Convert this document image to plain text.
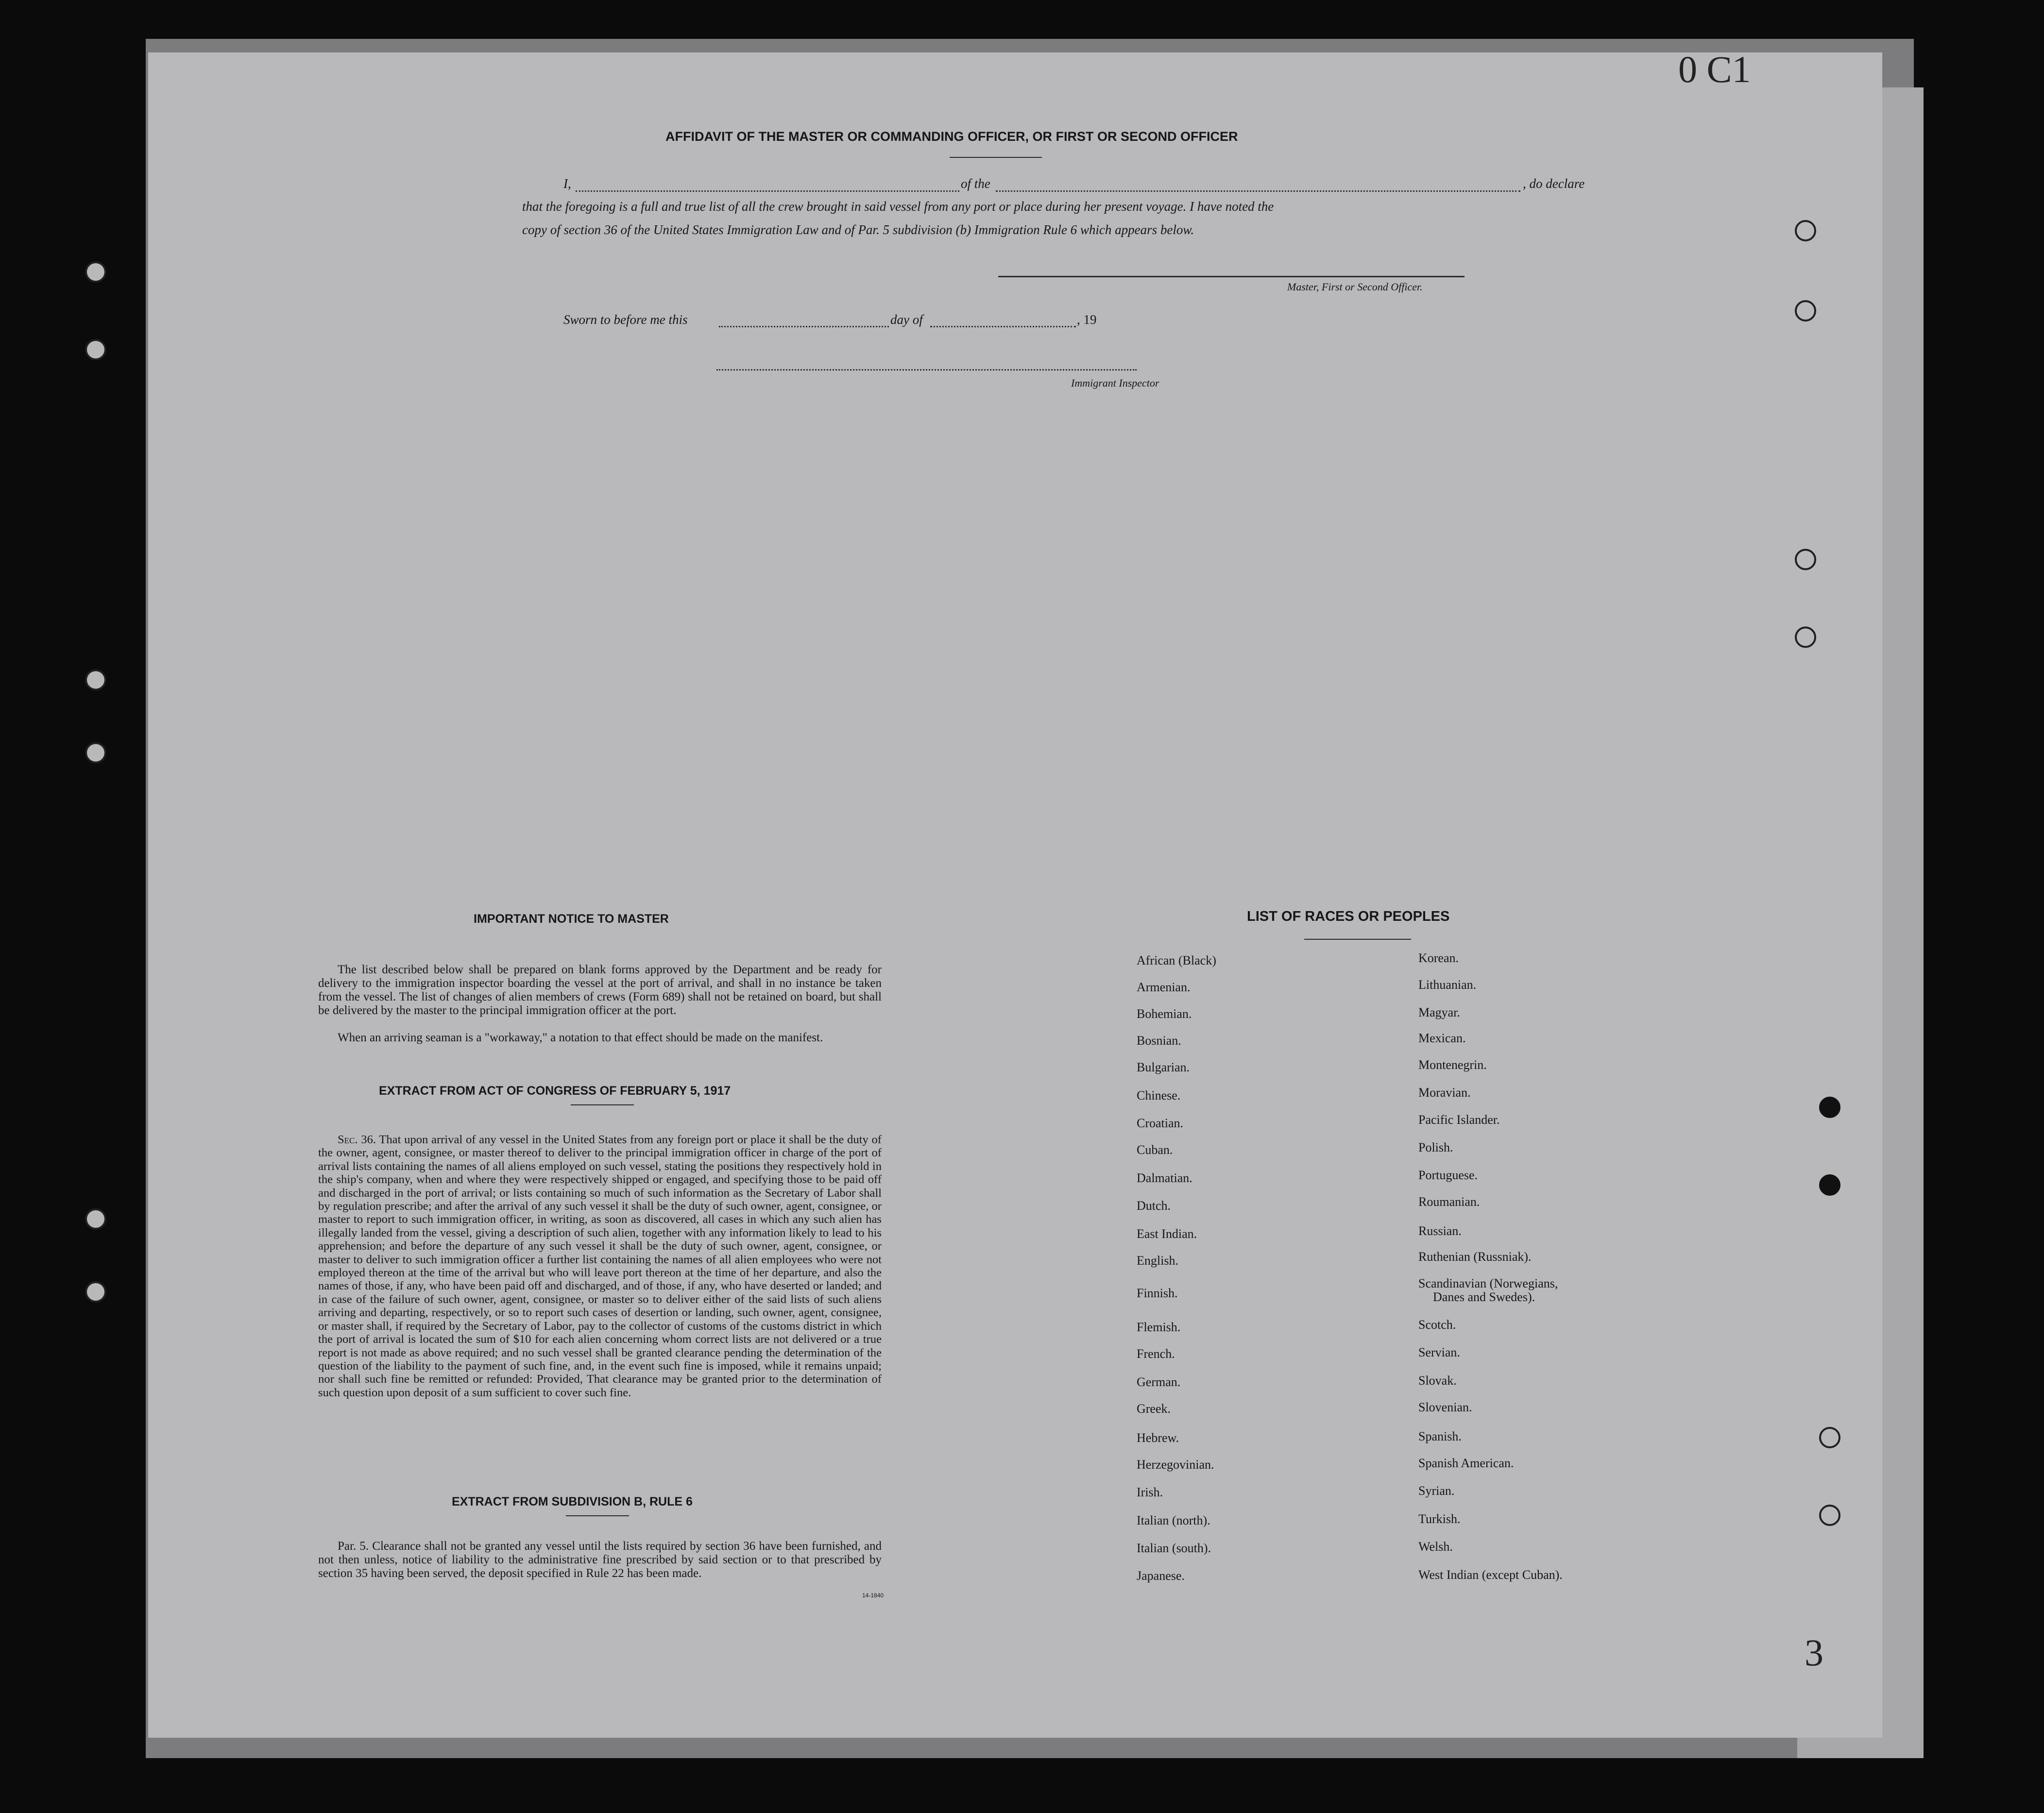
0 C1
3
AFFIDAVIT OF THE MASTER OR COMMANDING OFFICER, OR FIRST OR SECOND OFFICER
I,	of the	, do declare
that the foregoing is a full and true list of all the crew brought in said vessel from any port or place during her present voyage. I have noted the
copy of section 36 of the United States Immigration Law and of Par. 5 subdivision (b) Immigration Rule 6 which appears below.
Master, First or Second Officer.
Sworn to before me this	day of	, 19
Immigrant Inspector
IMPORTANT NOTICE TO MASTER
The list described below shall be prepared on blank forms approved by the Department and be ready for delivery to the immigration inspector boarding the vessel at the port of arrival, and shall in no instance be taken from the vessel. The list of changes of alien members of crews (Form 689) shall not be retained on board, but shall be delivered by the master to the principal immigration officer at the port.
When an arriving seaman is a "workaway," a notation to that effect should be made on the manifest.
EXTRACT FROM ACT OF CONGRESS OF FEBRUARY 5, 1917
Sec. 36. That upon arrival of any vessel in the United States from any foreign port or place it shall be the duty of the owner, agent, consignee, or master thereof to deliver to the principal immigration officer in charge of the port of arrival lists containing the names of all aliens employed on such vessel, stating the positions they respectively hold in the ship's company, when and where they were respectively shipped or engaged, and specifying those to be paid off and discharged in the port of arrival; or lists containing so much of such information as the Secretary of Labor shall by regulation prescribe; and after the arrival of any such vessel it shall be the duty of such owner, agent, consignee, or master to report to such immigration officer, in writing, as soon as discovered, all cases in which any such alien has illegally landed from the vessel, giving a description of such alien, together with any information likely to lead to his apprehension; and before the departure of any such vessel it shall be the duty of such owner, agent, consignee, or master to deliver to such immigration officer a further list containing the names of all alien employees who were not employed thereon at the time of the arrival but who will leave port thereon at the time of her departure, and also the names of those, if any, who have been paid off and discharged, and of those, if any, who have deserted or landed; and in case of the failure of such owner, agent, consignee, or master so to deliver either of the said lists of such aliens arriving and departing, respectively, or so to report such cases of desertion or landing, such owner, agent, consignee, or master shall, if required by the Secretary of Labor, pay to the collector of customs of the customs district in which the port of arrival is located the sum of $10 for each alien concerning whom correct lists are not delivered or a true report is not made as above required; and no such vessel shall be granted clearance pending the determination of the question of the liability to the payment of such fine, and, in the event such fine is imposed, while it remains unpaid; nor shall such fine be remitted or refunded: Provided, That clearance may be granted prior to the determination of such question upon deposit of a sum sufficient to cover such fine.
EXTRACT FROM SUBDIVISION B, RULE 6
Par. 5. Clearance shall not be granted any vessel until the lists required by section 36 have been furnished, and not then unless, notice of liability to the administrative fine prescribed by said section or to that prescribed by section 35 having been served, the deposit specified in Rule 22 has been made.
14-1840
LIST OF RACES OR PEOPLES
African (Black)
Armenian.
Bohemian.
Bosnian.
Bulgarian.
Chinese.
Croatian.
Cuban.
Dalmatian.
Dutch.
East Indian.
English.
Finnish.
Flemish.
French.
German.
Greek.
Hebrew.
Herzegovinian.
Irish.
Italian (north).
Italian (south).
Japanese.
Korean.
Lithuanian.
Magyar.
Mexican.
Montenegrin.
Moravian.
Pacific Islander.
Polish.
Portuguese.
Roumanian.
Russian.
Ruthenian (Russniak).
Scandinavian (Norwegians,
Danes and Swedes).
Scotch.
Servian.
Slovak.
Slovenian.
Spanish.
Spanish American.
Syrian.
Turkish.
Welsh.
West Indian (except Cuban).
